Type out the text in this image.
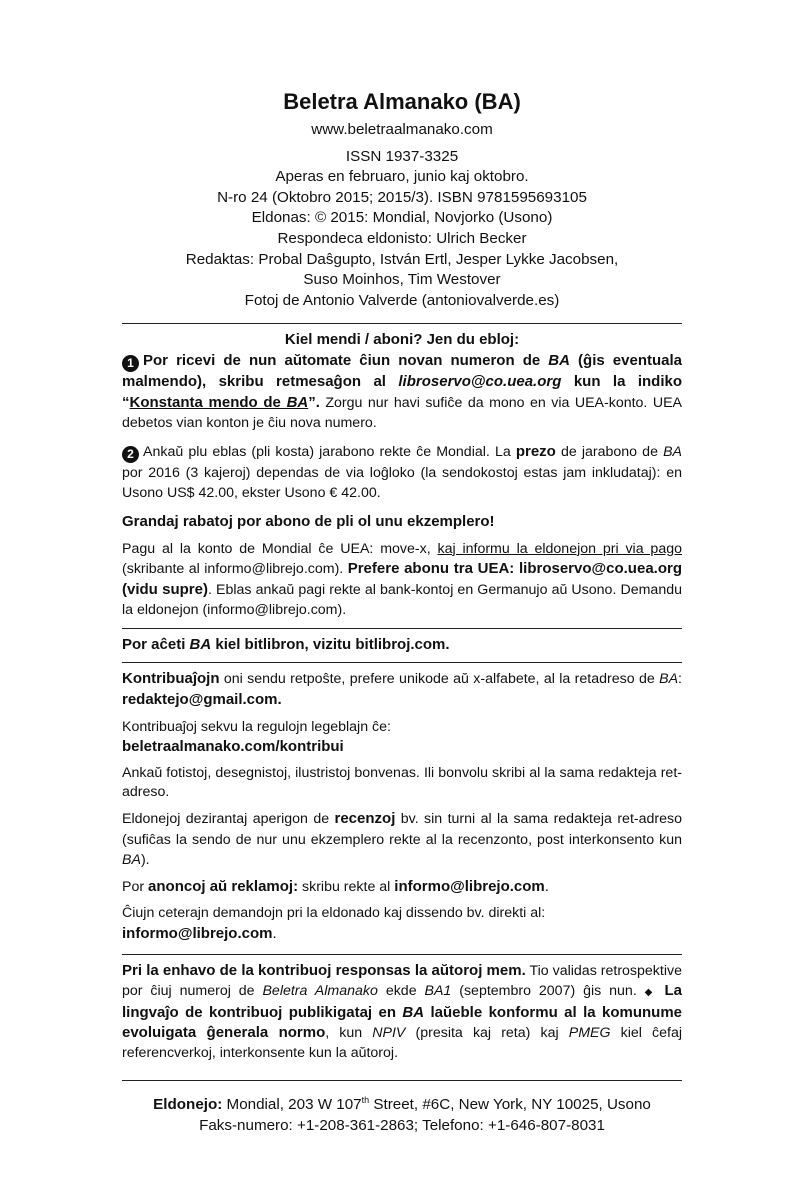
Beletra Almanako (BA)
www.beletraalmanako.com
ISSN 1937-3325
Aperas en februaro, junio kaj oktobro.
N-ro 24 (Oktobro 2015; 2015/3). ISBN 9781595693105
Eldonas: © 2015: Mondial, Novjorko (Usono)
Respondeca eldonisto: Ulrich Becker
Redaktas: Probal Daŝgupto, István Ertl, Jesper Lykke Jacobsen,
Suso Moinhos, Tim Westover
Fotoj de Antonio Valverde (antoniovalverde.es)

Kiel mendi / aboni? Jen du ebloj:

1 Por ricevi de nun aŭtomate ĉiun novan numeron de BA (ĝis eventuala malmendo), skribu retmesaĝon al libroservo@co.uea.org kun la indiko “Konstanta mendo de BA”. Zorgu nur havi sufiĉe da mono en via UEA-konto. UEA debetos vian konton je ĉiu nova numero.

2 Ankaŭ plu eblas (pli kosta) jarabono rekte ĉe Mondial. La prezo de jarabono de BA por 2016 (3 kajeroj) dependas de via loĝloko (la sendokostoj estas jam inkludataj): en Usono US$ 42.00, ekster Usono € 42.00.

Grandaj rabatoj por abono de pli ol unu ekzemplero!

Pagu al la konto de Mondial ĉe UEA: move-x, kaj informu la eldonejon pri via pago (skribante al informo@librejo.com). Prefere abonu tra UEA: libroservo@co.uea.org (vidu supre). Eblas ankaŭ pagi rekte al bank-kontoj en Germanujo aŭ Usono. Demandu la eldonejon (informo@librejo.com).

Por aĉeti BA kiel bitlibron, vizitu bitlibroj.com.

Kontribuaĵojn oni sendu retpoŝte, prefere unikode aŭ x-alfabete, al la retadreso de BA: redaktejo@gmail.com.

Kontribuaĵoj sekvu la regulojn legeblajn ĉe:
beletraalmanako.com/kontribui

Ankaŭ fotistoj, desegnistoj, ilustristoj bonvenas. Ili bonvolu skribi al la sama redakteja ret-adreso.

Eldonejoj dezirantaj aperigon de recenzoj bv. sin turni al la sama redakteja ret-adreso (sufiĉas la sendo de nur unu ekzemplero rekte al la recenzonto, post interkonsento kun BA).

Por anoncoj aŭ reklamoj: skribu rekte al informo@librejo.com.

Ĉiujn ceterajn demandojn pri la eldonado kaj dissendo bv. direkti al:
informo@librejo.com.

Pri la enhavo de la kontribuoj responsas la aŭtoroj mem. Tio validas retrospektive por ĉiuj numeroj de Beletra Almanako ekde BA1 (septembro 2007) ĝis nun. ◆ La lingvaĵo de kontribuoj publikigataj en BA laŭeble konformu al la komunume evoluigata ĝenerala normo, kun NPIV (presita kaj reta) kaj PMEG kiel ĉefaj referencverkoj, interkonsente kun la aŭtoroj.

Eldonejo: Mondial, 203 W 107th Street, #6C, New York, NY 10025, Usono
Faks-numero: +1-208-361-2863; Telefono: +1-646-807-8031
